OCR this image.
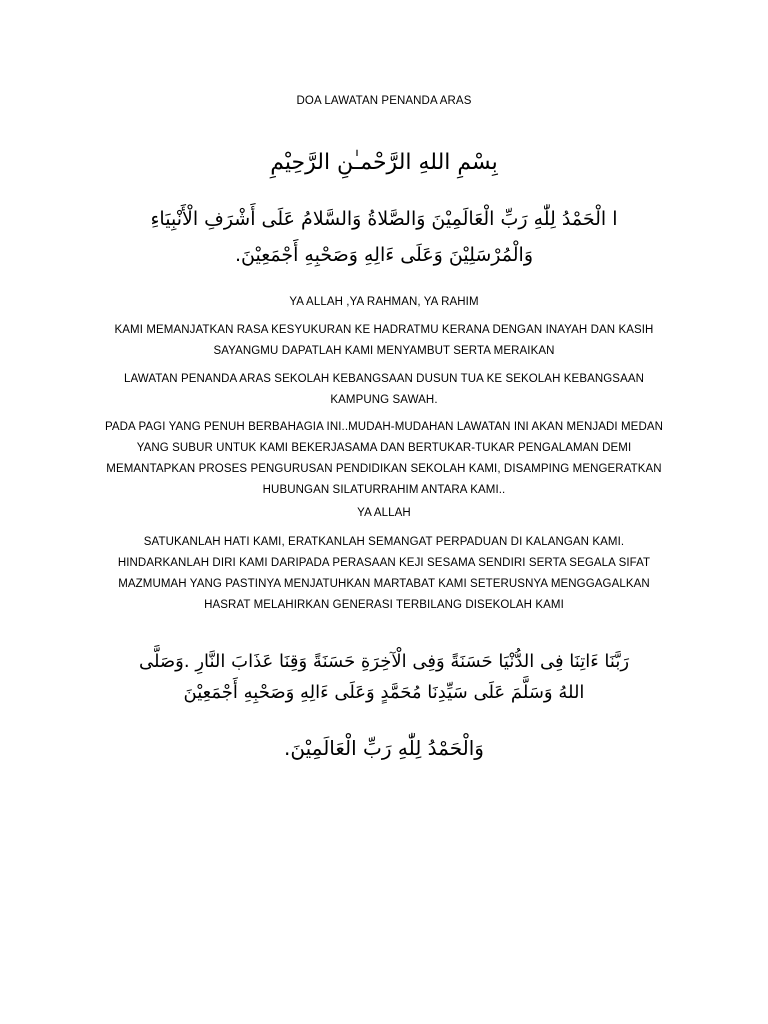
DOA LAWATAN PENANDA ARAS

بِسْمِ اللهِ الرَّحْمـٰنِ الرَّحِيْمِ

ا الْحَمْدُ لِلّٰهِ رَبِّ الْعَالَمِيْنَ وَالصَّلاةُ وَالسَّلامُ عَلَى أَشْرَفِ الْأَنْبِيَاءِ

وَالْمُرْسَلِيْنَ وَعَلَى ءَالِهِ وَصَحْبِهِ أَجْمَعِيْنَ.

YA ALLAH ,YA RAHMAN, YA RAHIM

KAMI MEMANJATKAN RASA KESYUKURAN KE HADRATMU KERANA DENGAN INAYAH DAN KASIH SAYANGMU DAPATLAH KAMI MENYAMBUT SERTA MERAIKAN

LAWATAN PENANDA ARAS SEKOLAH KEBANGSAAN DUSUN TUA KE SEKOLAH KEBANGSAAN KAMPUNG SAWAH.

PADA PAGI YANG PENUH BERBAHAGIA INI..MUDAH-MUDAHAN LAWATAN INI AKAN MENJADI MEDAN YANG SUBUR UNTUK KAMI BEKERJASAMA DAN BERTUKAR-TUKAR PENGALAMAN DEMI MEMANTAPKAN PROSES PENGURUSAN PENDIDIKAN SEKOLAH KAMI, DISAMPING MENGERATKAN HUBUNGAN SILATURRAHIM ANTARA KAMI..

YA ALLAH

SATUKANLAH HATI KAMI, ERATKANLAH SEMANGAT PERPADUAN DI KALANGAN KAMI. HINDARKANLAH DIRI KAMI DARIPADA PERASAAN KEJI SESAMA SENDIRI SERTA SEGALA SIFAT MAZMUMAH YANG PASTINYA MENJATUHKAN MARTABAT KAMI SETERUSNYA MENGGAGALKAN HASRAT MELAHIRKAN GENERASI TERBILANG DISEKOLAH KAMI

رَبَّنَا ءَاتِنَا فِى الدُّنْيَا حَسَنَةً وَفِى الْآخِرَةِ حَسَنَةً وَقِنَا عَذَابَ النَّارِ .وَصَلَّى

اللهُ وَسَلَّمَ عَلَى سَيِّدِنَا مُحَمَّدٍ وَعَلَى ءَالِهِ وَصَحْبِهِ أَجْمَعِيْنَ

وَالْحَمْدُ لِلّٰهِ رَبِّ الْعَالَمِيْنَ.
